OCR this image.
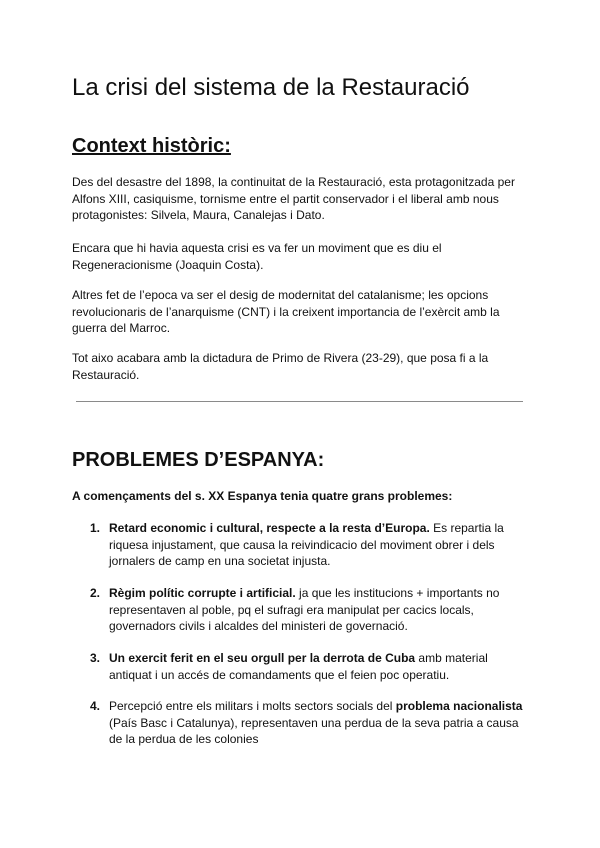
La crisi del sistema de la Restauració
Context històric:

Des del desastre del 1898, la continuitat de la Restauració, esta protagonitzada per Alfons XIII, casiquisme, tornisme entre el partit conservador i el liberal amb nous protagonistes: Silvela, Maura, Canalejas i Dato.

Encara que hi havia aquesta crisi es va fer un moviment que es diu el Regeneracionisme (Joaquin Costa).

Altres fet de l’epoca va ser el desig de modernitat del catalanisme; les opcions revolucionaris de l’anarquisme (CNT) i la creixent importancia de l’exèrcit amb la guerra del Marroc.

Tot aixo acabara amb la dictadura de Primo de Rivera (23-29), que posa fi a la Restauració.

PROBLEMES D’ESPANYA:

A començaments del s. XX Espanya tenia quatre grans problemes:

1. Retard economic i cultural, respecte a la resta d’Europa. Es repartia la riquesa injustament, que causa la reivindicacio del moviment obrer i dels jornalers de camp en una societat injusta.
2. Règim polític corrupte i artificial. ja que les institucions + importants no representaven al poble, pq el sufragi era manipulat per cacics locals, governadors civils i alcaldes del ministeri de governació.
3. Un exercit ferit en el seu orgull per la derrota de Cuba amb material antiquat i un accés de comandaments que el feien poc operatiu.
4. Percepció entre els militars i molts sectors socials del problema nacionalista (País Basc i Catalunya), representaven una perdua de la seva patria a causa de la perdua de les colonies
